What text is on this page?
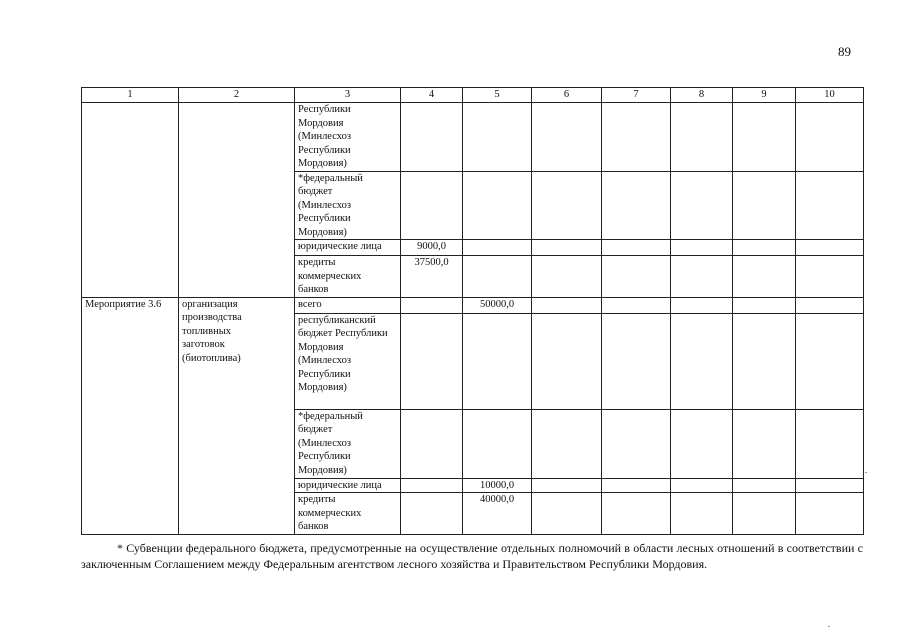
89
1	2	3	4	5	6	7	8	9	10

		Республики Мордовия (Минлесхоз Республики Мордовия)							

		*федеральный бюджет (Минлесхоз Республики Мордовия)							

		юридические лица	9000,0						

		кредиты коммерческих банков	37500,0						
Мероприятие 3.6	организация производства топливных заготовок (биотоплива)	всего		50000,0					

		республиканский бюджет Республики Мордовия (Минлесхоз Республики Мордовия)							

		*федеральный бюджет (Минлесхоз Республики Мордовия)							

		юридические лица		10000,0					

		кредиты коммерческих банков		40000,0					
* Субвенции федерального бюджета, предусмотренные на осуществление отдельных полномочий в области лесных отношений в соответствии с заключенным Соглашением между Федеральным агентством лесного хозяйства и Правительством Республики Мордовия.
